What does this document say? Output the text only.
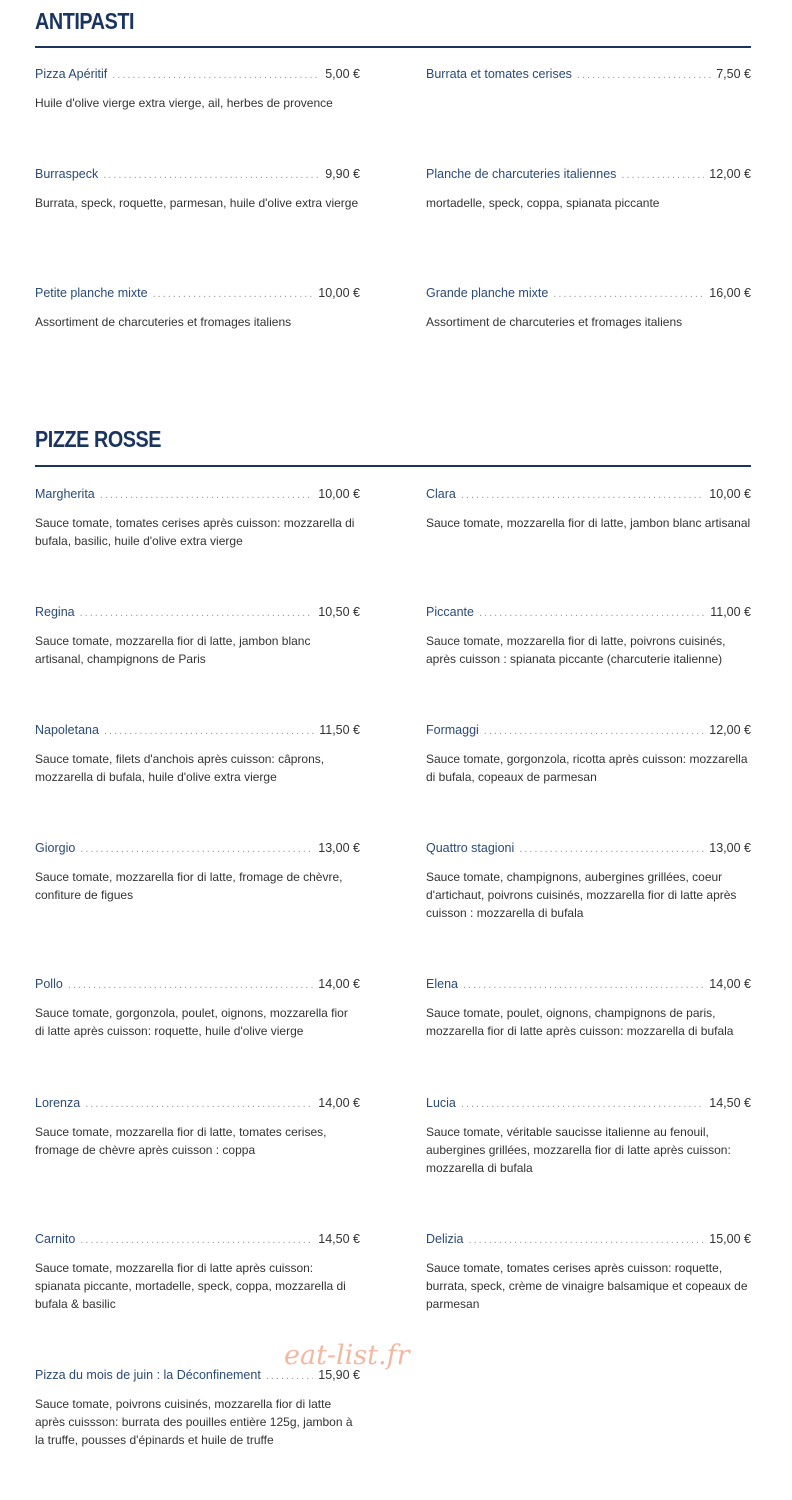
ANTIPASTI
Pizza Apéritif .....	5,00 €
Huile d'olive vierge extra vierge, ail, herbes de provence
Burrata et tomates cerises .....	7,50 €
Burraspeck .....	9,90 €
Burrata, speck, roquette, parmesan, huile d'olive extra vierge
Planche de charcuteries italiennes .....	12,00 €
mortadelle, speck, coppa, spianata piccante
Petite planche mixte .....	10,00 €
Assortiment de charcuteries et fromages italiens
Grande planche mixte .....	16,00 €
Assortiment de charcuteries et fromages italiens
PIZZE ROSSE
Margherita .....	10,00 €
Sauce tomate, tomates cerises après cuisson: mozzarella di bufala, basilic, huile d'olive extra vierge
Clara .....	10,00 €
Sauce tomate, mozzarella fior di latte, jambon blanc artisanal
Regina .....	10,50 €
Sauce tomate, mozzarella fior di latte, jambon blanc artisanal, champignons de Paris
Piccante .....	11,00 €
Sauce tomate, mozzarella fior di latte, poivrons cuisinés, après cuisson : spianata piccante (charcuterie italienne)
Napoletana .....	11,50 €
Sauce tomate, filets d'anchois après cuisson: câprons, mozzarella di bufala, huile d'olive extra vierge
Formaggi .....	12,00 €
Sauce tomate, gorgonzola, ricotta après cuisson: mozzarella di bufala, copeaux de parmesan
Giorgio .....	13,00 €
Sauce tomate, mozzarella fior di latte, fromage de chèvre, confiture de figues
Quattro stagioni .....	13,00 €
Sauce tomate, champignons, aubergines grillées, coeur d'artichaut, poivrons cuisinés, mozzarella fior di latte après cuisson : mozzarella di bufala
Pollo .....	14,00 €
Sauce tomate, gorgonzola, poulet, oignons, mozzarella fior di latte après cuisson: roquette, huile d'olive vierge
Elena .....	14,00 €
Sauce tomate, poulet, oignons, champignons de paris, mozzarella fior di latte après cuisson: mozzarella di bufala
Lorenza .....	14,00 €
Sauce tomate, mozzarella fior di latte, tomates cerises, fromage de chèvre après cuisson : coppa
Lucia .....	14,50 €
Sauce tomate, véritable saucisse italienne au fenouil, aubergines grillées, mozzarella fior di latte après cuisson: mozzarella di bufala
Carnito .....	14,50 €
Sauce tomate, mozzarella fior di latte après cuisson: spianata piccante, mortadelle, speck, coppa, mozzarella di bufala & basilic
Delizia .....	15,00 €
Sauce tomate, tomates cerises après cuisson: roquette, burrata, speck, crème de vinaigre balsamique et copeaux de parmesan
Pizza du mois de juin : la Déconfinement .....	15,90 €
Sauce tomate, poivrons cuisinés, mozzarella fior di latte après cuissson: burrata des pouilles entière 125g, jambon à la truffe, pousses d'épinards et huile de truffe
eat-list.fr
